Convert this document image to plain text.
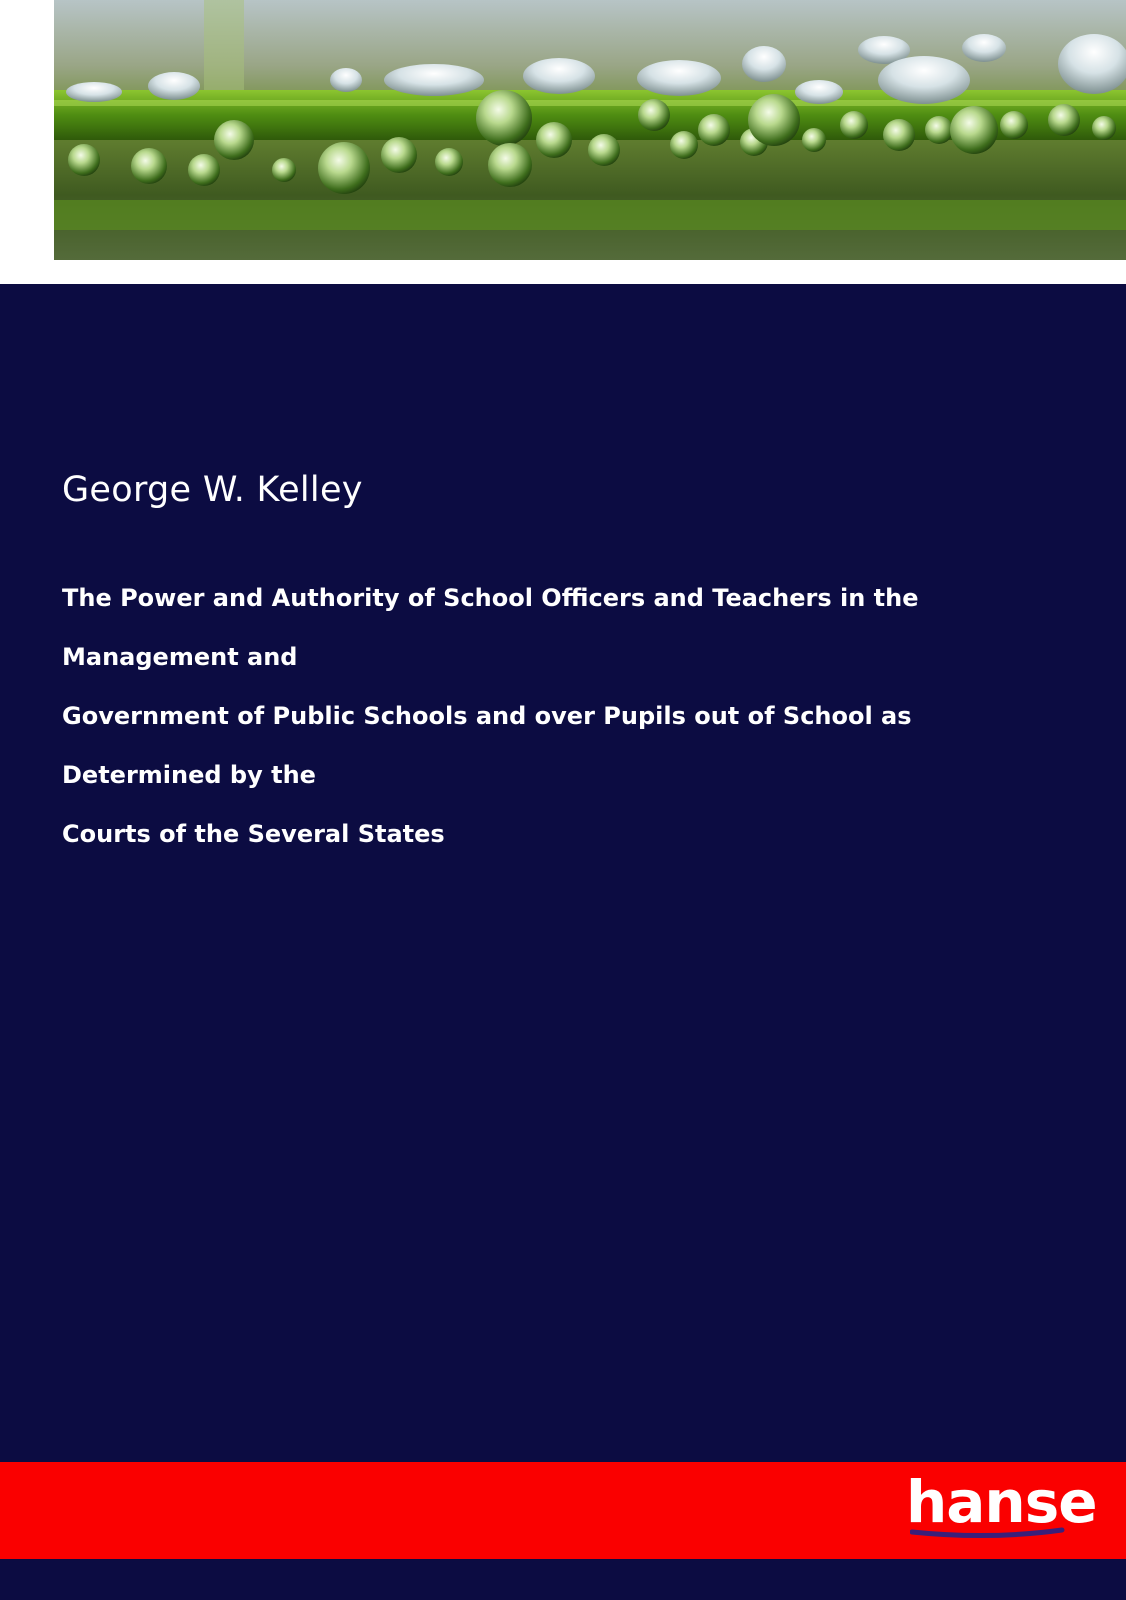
George W. Kelley
The Power and Authority of School Officers and Teachers in the Management and
Government of Public Schools and over Pupils out of School as Determined by the
Courts of the Several States
hanse
